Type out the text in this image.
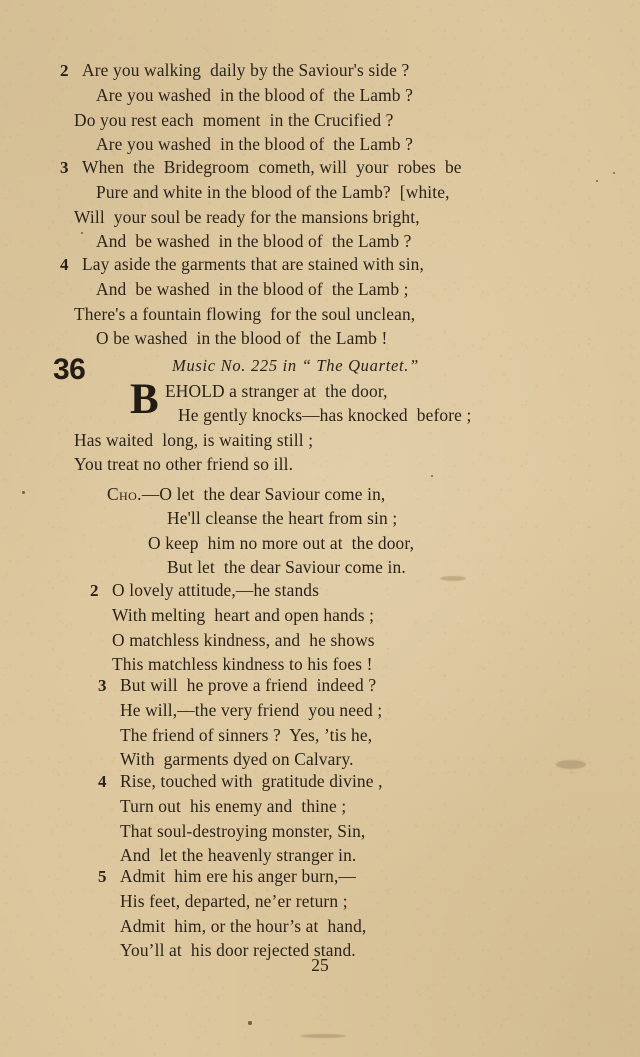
2 Are you walking  daily by the Saviour's side ?
Are you washed  in the blood of  the Lamb ?
Do you rest each  moment  in the Crucified ?
Are you washed  in the blood of  the Lamb ?
3 When  the  Bridegroom  cometh, will  your  robes  be
Pure and white in the blood of the Lamb?  [white,
Will  your soul be ready for the mansions bright,
And  be washed  in the blood of  the Lamb ?
4 Lay aside the garments that are stained with sin,
And  be washed  in the blood of  the Lamb ;
There's a fountain flowing  for the soul unclean,
O be washed  in the blood of  the Lamb !
36	Music No. 225 in “ The Quartet.”
B EHOLD a stranger at  the door,
He gently knocks—has knocked  before ;
Has waited  long, is waiting still ;
You treat no other friend so ill.
Cho.—O let  the dear Saviour come in,
He'll cleanse the heart from sin ;
O keep  him no more out at  the door,
But let  the dear Saviour come in.
2 O lovely attitude,—he stands
With melting  heart and open hands ;
O matchless kindness, and  he shows
This matchless kindness to his foes !
3 But will  he prove a friend  indeed ?
He will,—the very friend  you need ;
The friend of sinners ?  Yes, ’tis he,
With  garments dyed on Calvary.
4 Rise, touched with  gratitude divine ,
Turn out  his enemy and  thine ;
That soul-destroying monster, Sin,
And  let the heavenly stranger in.
5 Admit  him ere his anger burn,—
His feet, departed, ne’er return ;
Admit  him, or the hour’s at  hand,
You’ll at  his door rejected stand.
25
